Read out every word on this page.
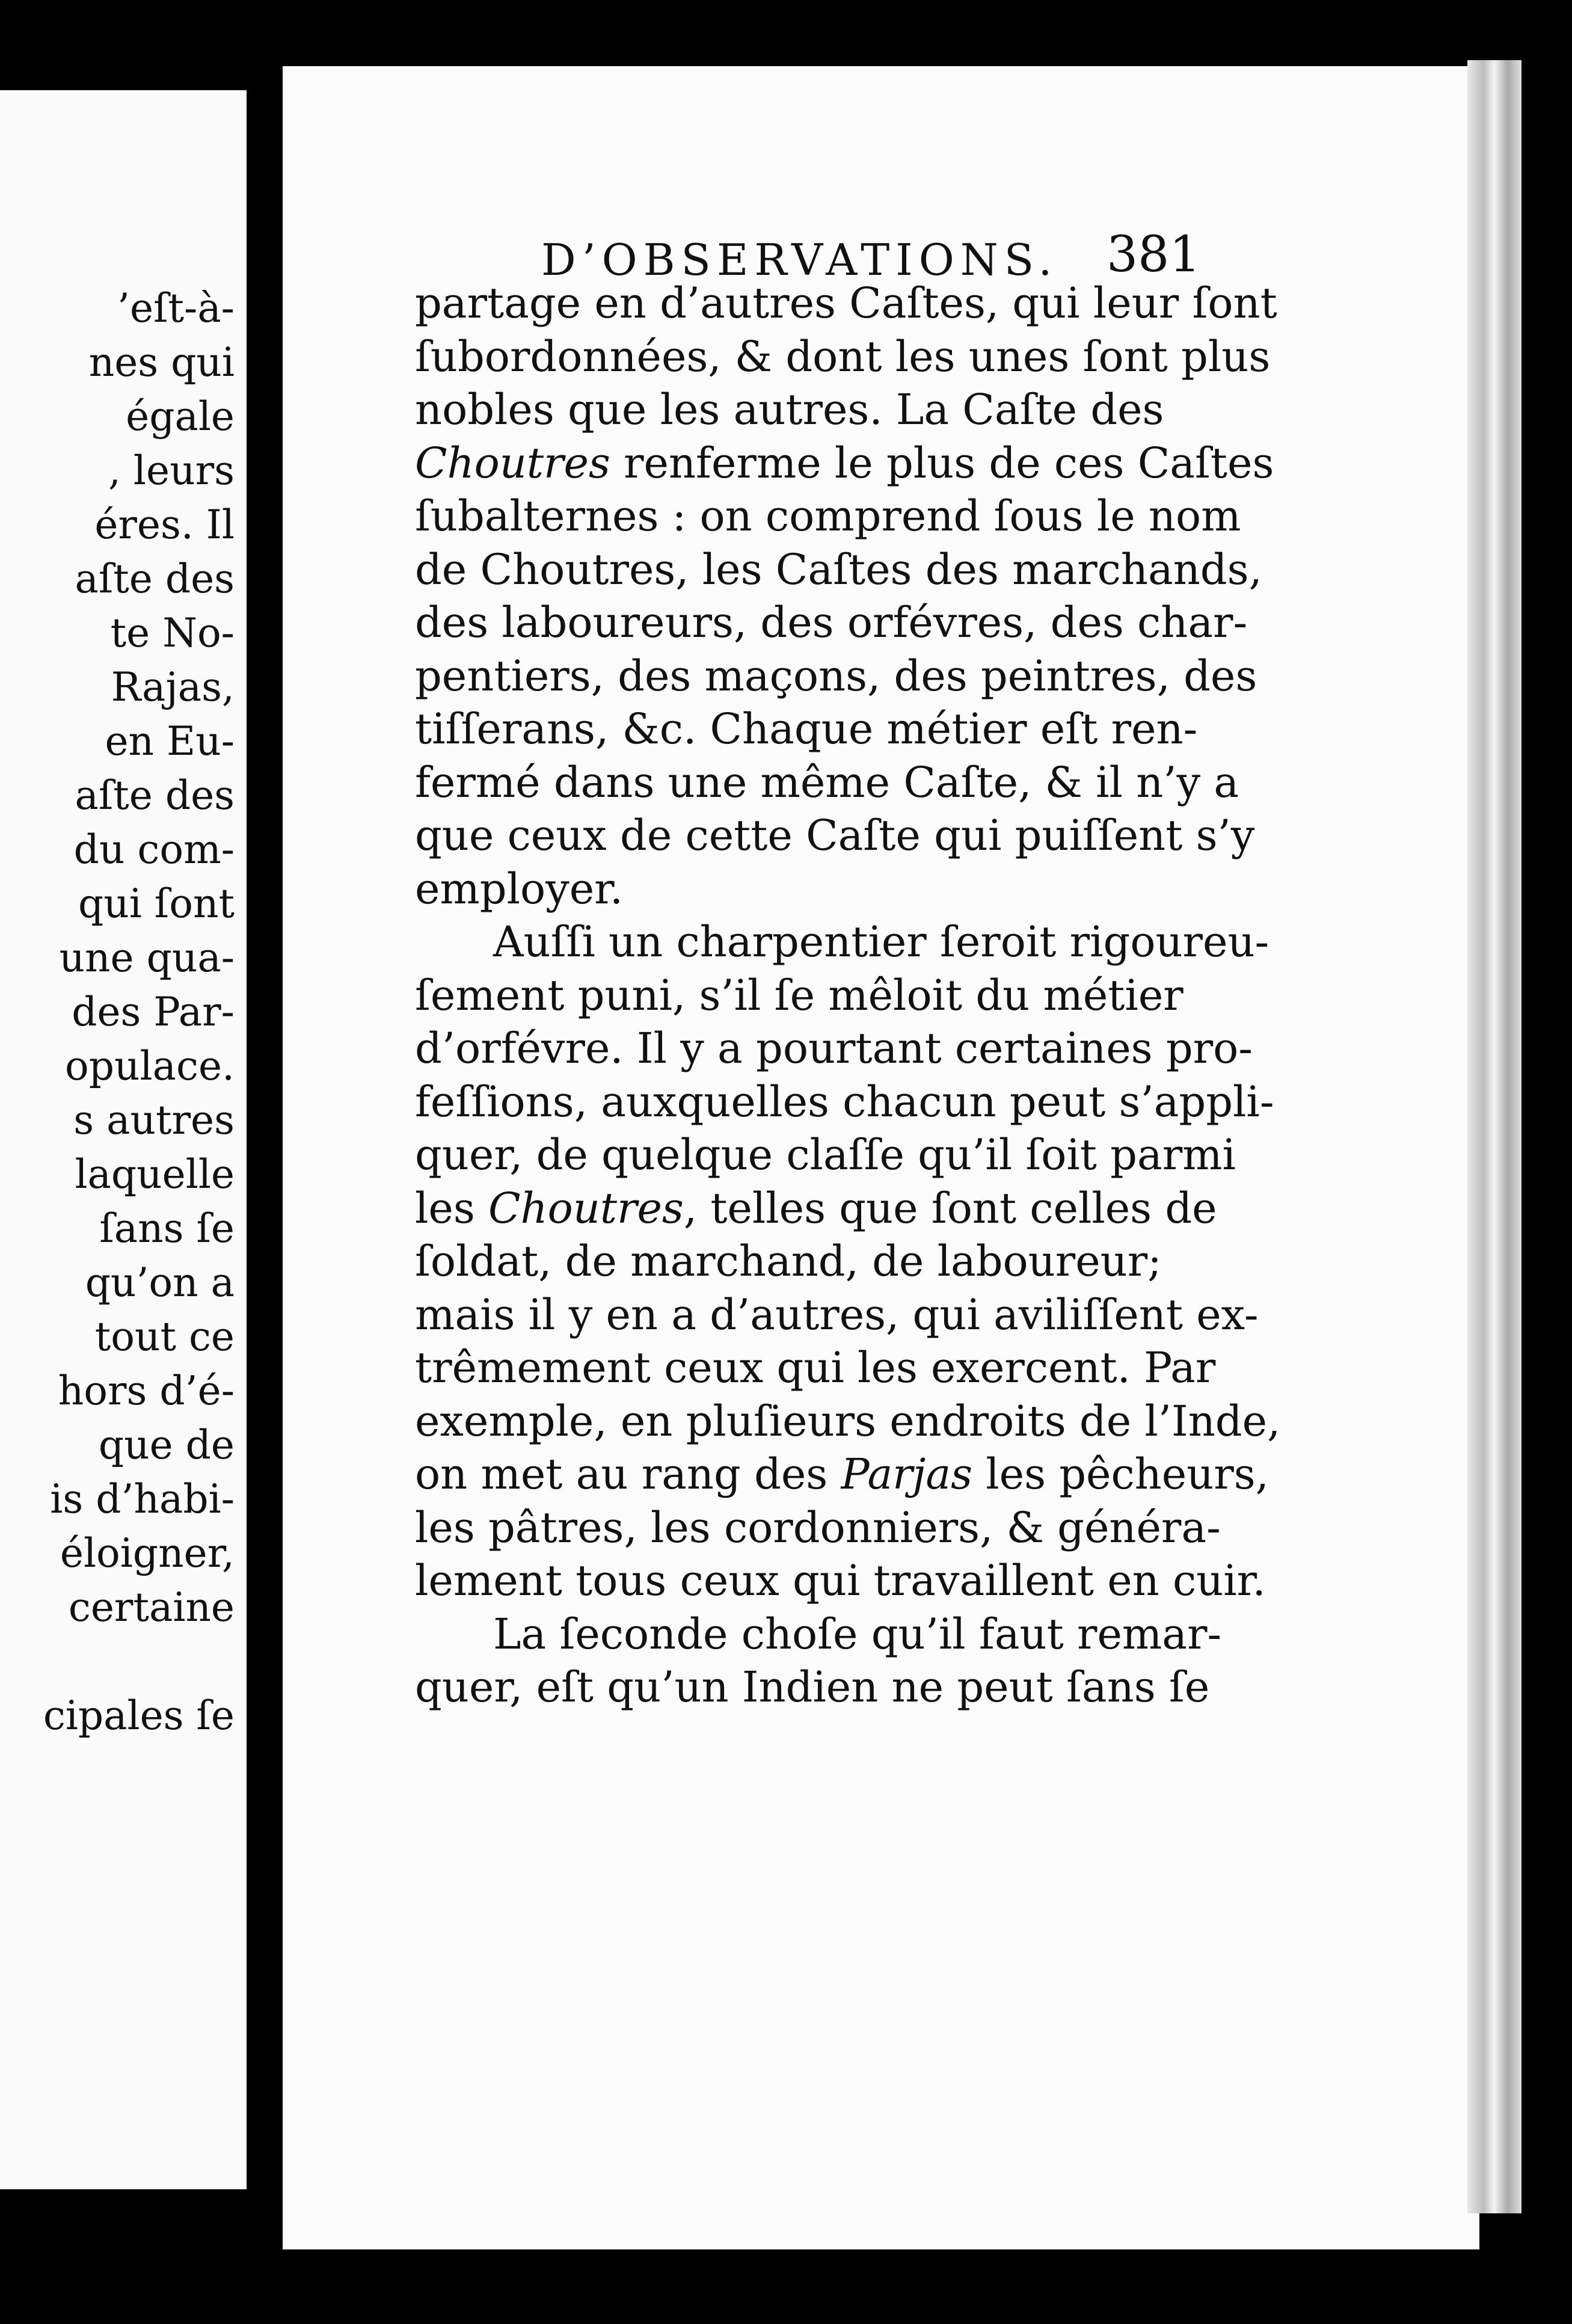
’eſt-à-
nes qui
égale
, leurs
éres. Il
aſte des
te No-
Rajas,
en Eu-
aſte des
du com-
qui ſont
une qua-
des Par-
opulace.
s autres
laquelle
ſans ſe
qu’on a
tout ce
hors d’é-
que de
is d’habi-
éloigner,
certaine
cipales ſe
D’OBSERVATIONS. 381
partage en d’autres Caſtes, qui leur ſont
ſubordonnées, & dont les unes ſont plus
nobles que les autres. La Caſte des
Choutres renferme le plus de ces Caſtes
ſubalternes : on comprend ſous le nom
de Choutres, les Caſtes des marchands,
des laboureurs, des orfévres, des char-
pentiers, des maçons, des peintres, des
tiſſerans, &c. Chaque métier eſt ren-
fermé dans une même Caſte, & il n’y a
que ceux de cette Caſte qui puiſſent s’y
employer.
Auſſi un charpentier ſeroit rigoureu-
ſement puni, s’il ſe mêloit du métier
d’orfévre. Il y a pourtant certaines pro-
feſſions, auxquelles chacun peut s’appli-
quer, de quelque claſſe qu’il ſoit parmi
les Choutres, telles que ſont celles de
ſoldat, de marchand, de laboureur;
mais il y en a d’autres, qui aviliſſent ex-
trêmement ceux qui les exercent. Par
exemple, en pluſieurs endroits de l’Inde,
on met au rang des Parjas les pêcheurs,
les pâtres, les cordonniers, & généra-
lement tous ceux qui travaillent en cuir.
La ſeconde choſe qu’il faut remar-
quer, eſt qu’un Indien ne peut ſans ſe
